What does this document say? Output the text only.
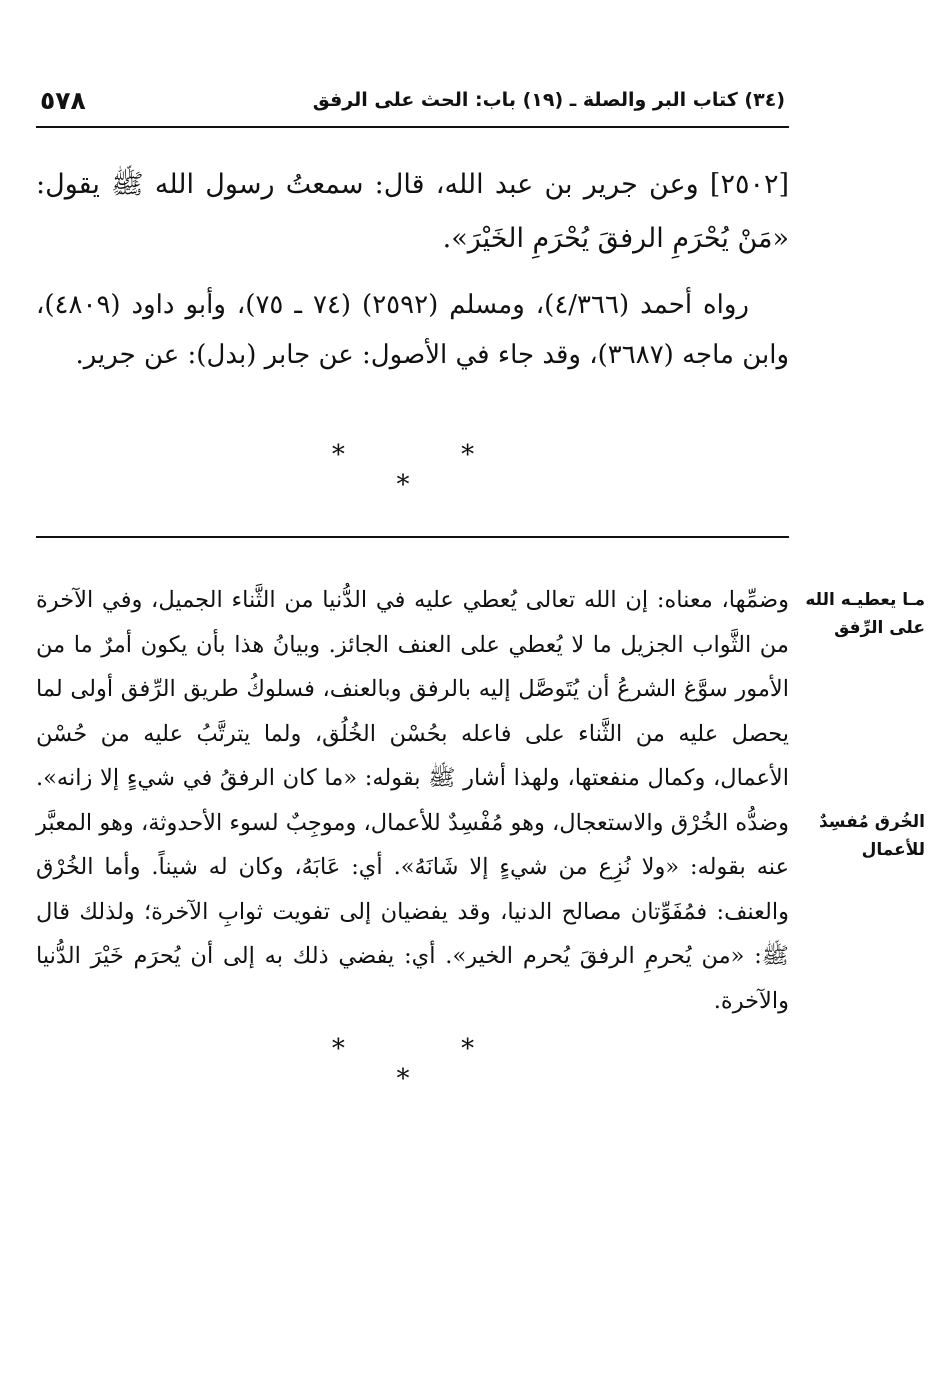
٥٧٨	(٣٤) كتاب البر والصلة ـ (١٩) باب: الحث على الرفق

[٢٥٠٢] وعن جرير بن عبد الله، قال: سمعتُ رسول الله ﷺ يقول: «مَنْ يُحْرَمِ الرفقَ يُحْرَمِ الخَيْرَ».

رواه أحمد (٤/٣٦٦)، ومسلم (٢٥٩٢) (٧٤ ـ ٧٥)، وأبو داود (٤٨٠٩)، وابن ماجه (٣٦٨٧)، وقد جاء في الأصول: عن جابر (بدل): عن جرير.

* * *

وضمِّها، معناه: إن الله تعالى يُعطي عليه في الدُّنيا من الثَّناء الجميل، وفي الآخرة من الثَّواب الجزيل ما لا يُعطي على العنف الجائز. وبيانُ هذا بأن يكون أمرٌ ما من الأمور سوَّغ الشرعُ أن يُتَوصَّل إليه بالرفق وبالعنف، فسلوكُ طريق الرِّفق أولى لما يحصل عليه من الثَّناء على فاعله بحُسْن الخُلُق، ولما يترتَّبُ عليه من حُسْن الأعمال، وكمال منفعتها، ولهذا أشار ﷺ بقوله: «ما كان الرفقُ في شيءٍ إلا زانه». وضدُّه الخُرْق والاستعجال، وهو مُفْسِدٌ للأعمال، وموجِبٌ لسوء الأحدوثة، وهو المعبَّر عنه بقوله: «ولا نُزِع من شيءٍ إلا شَانَهُ». أي: عَابَهُ، وكان له شيناً. وأما الخُرْق والعنف: فمُفَوِّتان مصالح الدنيا، وقد يفضيان إلى تفويت ثوابِ الآخرة؛ ولذلك قال ﷺ: «من يُحرمِ الرفقَ يُحرم الخير». أي: يفضي ذلك به إلى أن يُحرَم خَيْرَ الدُّنيا والآخرة.

مـا يعطيـه الله على الرِّفق
الخُرق مُفسِدٌ للأعمال
* * *
